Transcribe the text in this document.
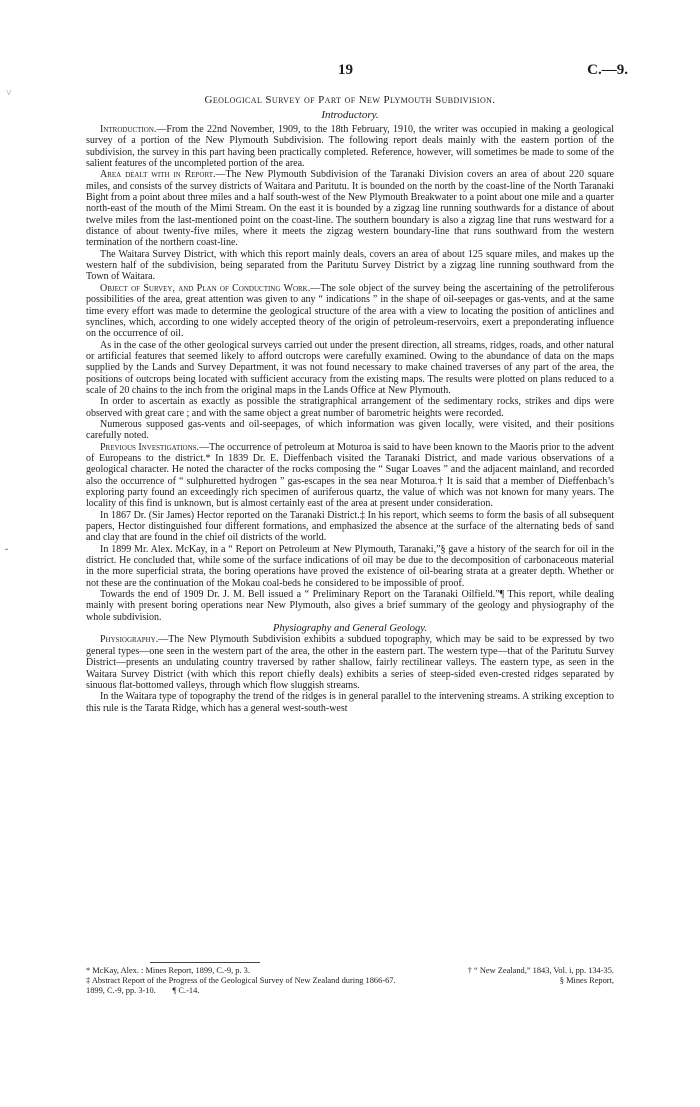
19	C.—9.
Geological Survey of Part of New Plymouth Subdivision.
Introductory.

Introduction.—From the 22nd November, 1909, to the 18th February, 1910, the writer was occupied in making a geological survey of a portion of the New Plymouth Subdivision. The following report deals mainly with the eastern portion of the subdivision, the survey in this part having been practically completed. Reference, however, will sometimes be made to some of the salient features of the uncompleted portion of the area.

Area dealt with in Report.—The New Plymouth Subdivision of the Taranaki Division covers an area of about 220 square miles, and consists of the survey districts of Waitara and Paritutu. It is bounded on the north by the coast-line of the North Taranaki Bight from a point about three miles and a half south-west of the New Plymouth Breakwater to a point about one mile and a quarter north-east of the mouth of the Mimi Stream. On the east it is bounded by a zigzag line running southwards for a distance of about twelve miles from the last-mentioned point on the coast-line. The southern boundary is also a zigzag line that runs westward for a distance of about twenty-five miles, where it meets the zigzag western boundary-line that runs southward from the western termination of the northern coast-line.

The Waitara Survey District, with which this report mainly deals, covers an area of about 125 square miles, and makes up the western half of the subdivision, being separated from the Paritutu Survey District by a zigzag line running southward from the Town of Waitara.

Object of Survey, and Plan of Conducting Work.—The sole object of the survey being the ascertaining of the petroliferous possibilities of the area, great attention was given to any “ indications ” in the shape of oil-seepages or gas-vents, and at the same time every effort was made to determine the geological structure of the area with a view to locating the position of anticlines and synclines, which, according to one widely accepted theory of the origin of petroleum-reservoirs, exert a preponderating influence on the occurrence of oil.

As in the case of the other geological surveys carried out under the present direction, all streams, ridges, roads, and other natural or artificial features that seemed likely to afford outcrops were carefully examined. Owing to the abundance of data on the maps supplied by the Lands and Survey Department, it was not found necessary to make chained traverses of any part of the area, the positions of outcrops being located with sufficient accuracy from the existing maps. The results were plotted on plans reduced to a scale of 20 chains to the inch from the original maps in the Lands Office at New Plymouth.

In order to ascertain as exactly as possible the stratigraphical arrangement of the sedimentary rocks, strikes and dips were observed with great care ; and with the same object a great number of barometric heights were recorded.

Numerous supposed gas-vents and oil-seepages, of which information was given locally, were visited, and their positions carefully noted.

Previous Investigations.—The occurrence of petroleum at Moturoa is said to have been known to the Maoris prior to the advent of Europeans to the district.* In 1839 Dr. E. Dieffenbach visited the Taranaki District, and made various observations of a geological character. He noted the character of the rocks composing the “ Sugar Loaves ” and the adjacent mainland, and recorded also the occurrence of “ sulphuretted hydrogen ” gas-escapes in the sea near Moturoa.† It is said that a member of Dieffenbach’s exploring party found an exceedingly rich specimen of auriferous quartz, the value of which was not known for many years. The locality of this find is unknown, but is almost certainly east of the area at present under consideration.

In 1867 Dr. (Sir James) Hector reported on the Taranaki District.‡ In his report, which seems to form the basis of all subsequent papers, Hector distinguished four different formations, and emphasized the absence at the surface of the alternating beds of sand and clay that are found in the chief oil districts of the world.

In 1899 Mr. Alex. McKay, in a “ Report on Petroleum at New Plymouth, Taranaki,”§ gave a history of the search for oil in the district. He concluded that, while some of the surface indications of oil may be due to the decomposition of carbonaceous material in the more superficial strata, the boring operations have proved the existence of oil-bearing strata at a greater depth. Whether or not these are the continuation of the Mokau coal-beds he considered to be impossible of proof.

Towards the end of 1909 Dr. J. M. Bell issued a “ Preliminary Report on the Taranaki Oilfield.”¶ This report, while dealing mainly with present boring operations near New Plymouth, also gives a brief summary of the geology and physiography of the whole subdivision.

Physiography and General Geology.

Physiography.—The New Plymouth Subdivision exhibits a subdued topography, which may be said to be expressed by two general types—one seen in the western part of the area, the other in the eastern part. The western type—that of the Paritutu Survey District—presents an undulating country traversed by rather shallow, fairly rectilinear valleys. The eastern type, as seen in the Waitara Survey District (with which this report chiefly deals) exhibits a series of steep-sided even-crested ridges separated by sinuous flat-bottomed valleys, through which flow sluggish streams.

In the Waitara type of topography the trend of the ridges is in general parallel to the intervening streams. A striking exception to this rule is the Tarata Ridge, which has a general west-south-west

* McKay, Alex. : Mines Report, 1899, C.-9, p. 3.	† “ New Zealand,” 1843, Vol. i, pp. 134-35.
‡ Abstract Report of the Progress of the Geological Survey of New Zealand during 1866-67.	§ Mines Report,
1899, C.-9, pp. 3-10.        ¶ C.-14.
˅
⁃
